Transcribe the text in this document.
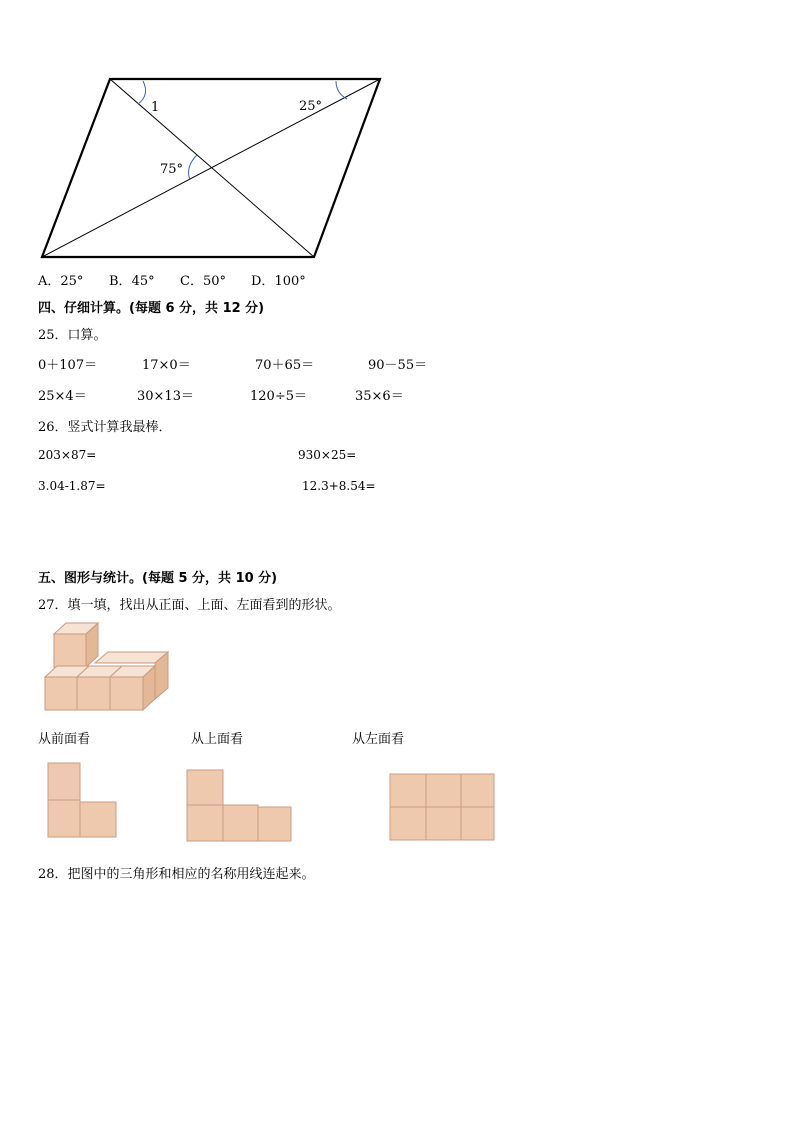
1	25°
75°
A．25° B．45° C．50° D．100°
四、仔细计算。(每题 6 分，共 12 分)
25．口算。
0＋107＝	17×0＝	70＋65＝	90－55＝
25×4＝	30×13＝	120÷5＝	35×6＝
26．竖式计算我最棒．
203×87=	930×25=
3.04-1.87=	12.3+8.54=
五、图形与统计。(每题 5 分，共 10 分)
27．填一填，找出从正面、上面、左面看到的形状。
从前面看	从上面看	从左面看
28．把图中的三角形和相应的名称用线连起来。
